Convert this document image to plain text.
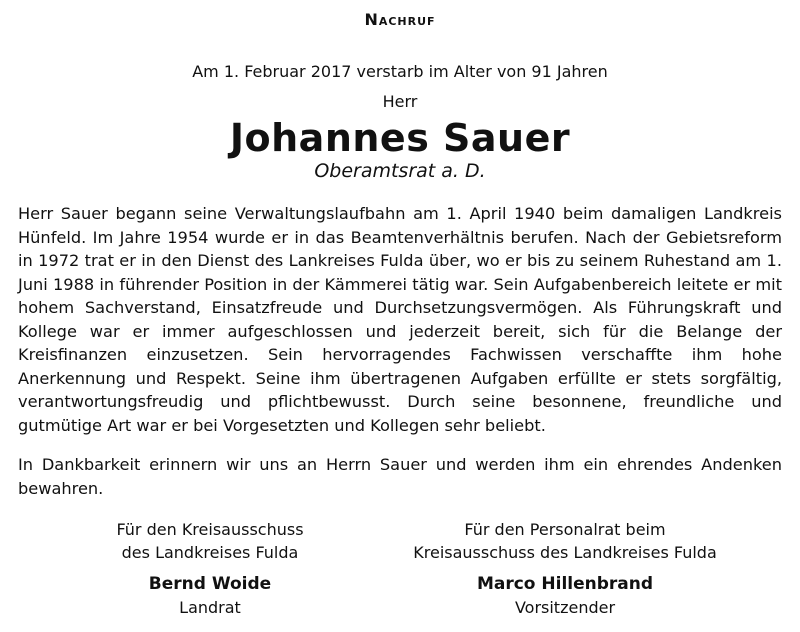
Nachruf
Am 1. Februar 2017 verstarb im Alter von 91 Jahren
Herr
Johannes Sauer
Oberamtsrat a. D.
Herr Sauer begann seine Verwaltungslaufbahn am 1. April 1940 beim damaligen Landkreis Hünfeld. Im Jahre 1954 wurde er in das Beamtenverhältnis berufen. Nach der Gebietsreform in 1972 trat er in den Dienst des Lankreises Fulda über, wo er bis zu seinem Ruhestand am 1. Juni 1988 in führender Position in der Kämmerei tätig war. Sein Aufgabenbereich leitete er mit hohem Sachverstand, Einsatzfreude und Durchsetzungsvermögen. Als Führungskraft und Kollege war er immer aufgeschlossen und jederzeit bereit, sich für die Belange der Kreisfinanzen einzusetzen. Sein hervorragendes Fachwissen verschaffte ihm hohe Anerkennung und Respekt. Seine ihm übertragenen Aufgaben erfüllte er stets sorgfältig, verantwortungsfreudig und pflichtbewusst. Durch seine besonnene, freundliche und gutmütige Art war er bei Vorgesetzten und Kollegen sehr beliebt.
In Dankbarkeit erinnern wir uns an Herrn Sauer und werden ihm ein ehrendes Andenken bewahren.
Für den Kreisausschuss
des Landkreises Fulda
Bernd Woide
Landrat
Für den Personalrat beim
Kreisausschuss des Landkreises Fulda
Marco Hillenbrand
Vorsitzender
